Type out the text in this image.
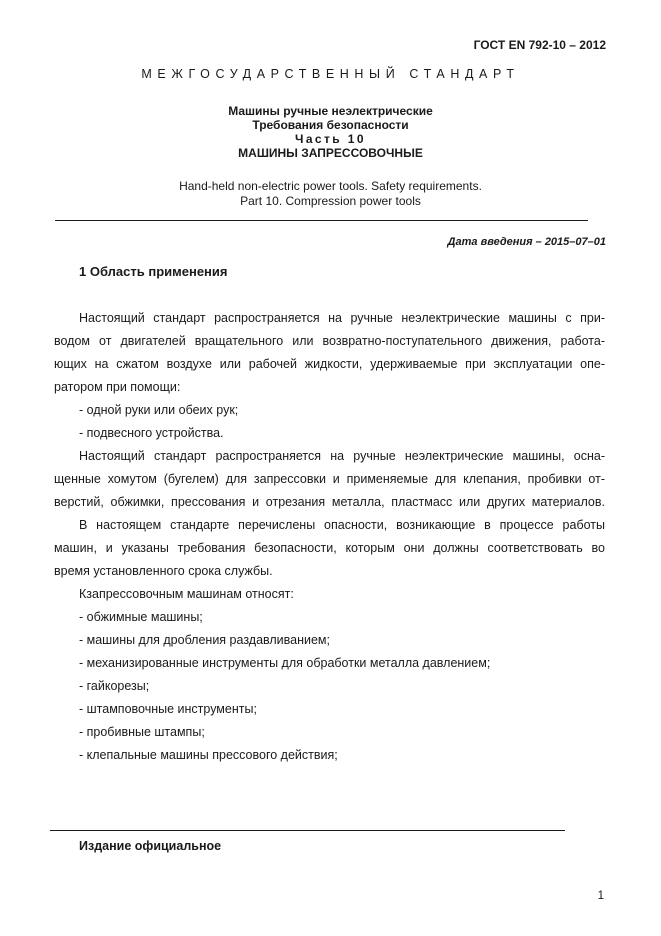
ГОСТ EN 792-10 – 2012
МЕЖГОСУДАРСТВЕННЫЙ СТАНДАРТ
Машины ручные неэлектрические
Требования безопасности
Часть 10
МАШИНЫ ЗАПРЕССОВОЧНЫЕ
Hand-held non-electric power tools. Safety requirements.
Part 10. Compression power tools
Дата введения – 2015–07–01
1 Область применения

Настоящий стандарт распространяется на ручные неэлектрические машины с при-
водом от двигателей вращательного или возвратно-поступательного движения, работа-
ющих на сжатом воздухе или рабочей жидкости, удерживаемые при эксплуатации опе-
ратором при помощи:

- одной руки или обеих рук;

- подвесного устройства.

Настоящий стандарт распространяется на ручные неэлектрические машины, осна-
щенные хомутом (бугелем) для запрессовки и применяемые для клепания, пробивки от-
верстий, обжимки, прессования и отрезания металла, пластмасс или других материалов.

В настоящем стандарте перечислены опасности, возникающие в процессе работы
машин, и указаны требования безопасности, которым они должны соответствовать во
время установленного срока службы.

Кзапрессовочным машинам относят:

- обжимные машины;

- машины для дробления раздавливанием;

- механизированные инструменты для обработки металла давлением;

- гайкорезы;

- штамповочные инструменты;

- пробивные штампы;

- клепальные машины прессового действия;

Издание официальное
1
